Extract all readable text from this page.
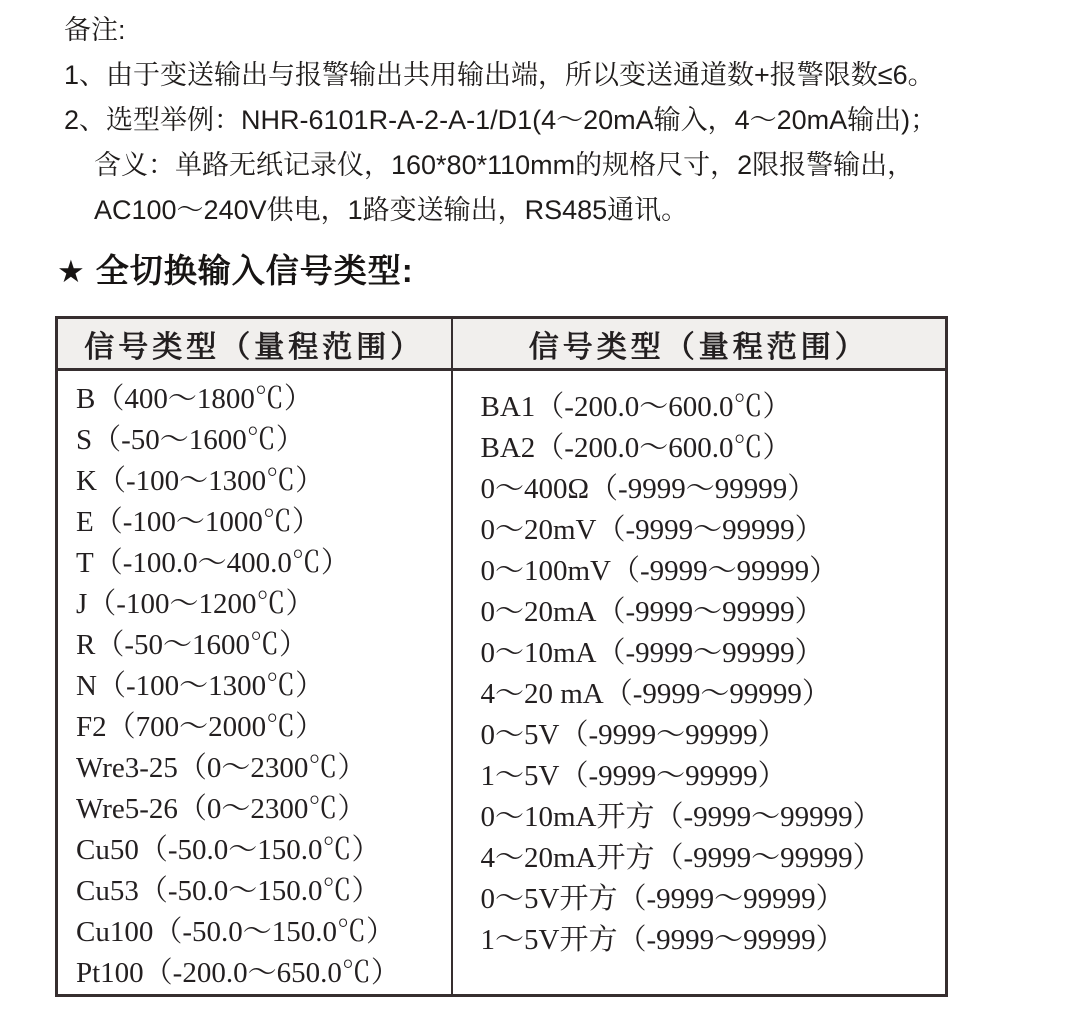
备注:
1、由于变送输出与报警输出共用输出端，所以变送通道数+报警限数≤6。
2、选型举例：NHR-6101R-A-2-A-1/D1(4～20mA输入，4～20mA输出)；
含义：单路无纸记录仪，160*80*110mm的规格尺寸，2限报警输出，
AC100～240V供电，1路变送输出，RS485通讯。
★ 全切换输入信号类型:
信号类型（量程范围）	信号类型（量程范围）

B（400～1800℃）
S（-50～1600℃）
K（-100～1300℃）
E（-100～1000℃）
T（-100.0～400.0℃）
J（-100～1200℃）
R（-50～1600℃）
N（-100～1300℃）
F2（700～2000℃）
Wre3-25（0～2300℃）
Wre5-26（0～2300℃）
Cu50（-50.0～150.0℃）
Cu53（-50.0～150.0℃）
Cu100（-50.0～150.0℃）
Pt100（-200.0～650.0℃）

BA1（-200.0～600.0℃）
BA2（-200.0～600.0℃）
0～400Ω（-9999～99999）
0～20mV（-9999～99999）
0～100mV（-9999～99999）
0～20mA（-9999～99999）
0～10mA（-9999～99999）
4～20 mA（-9999～99999）
0～5V（-9999～99999）
1～5V（-9999～99999）
0～10mA开方（-9999～99999）
4～20mA开方（-9999～99999）
0～5V开方（-9999～99999）
1～5V开方（-9999～99999）
